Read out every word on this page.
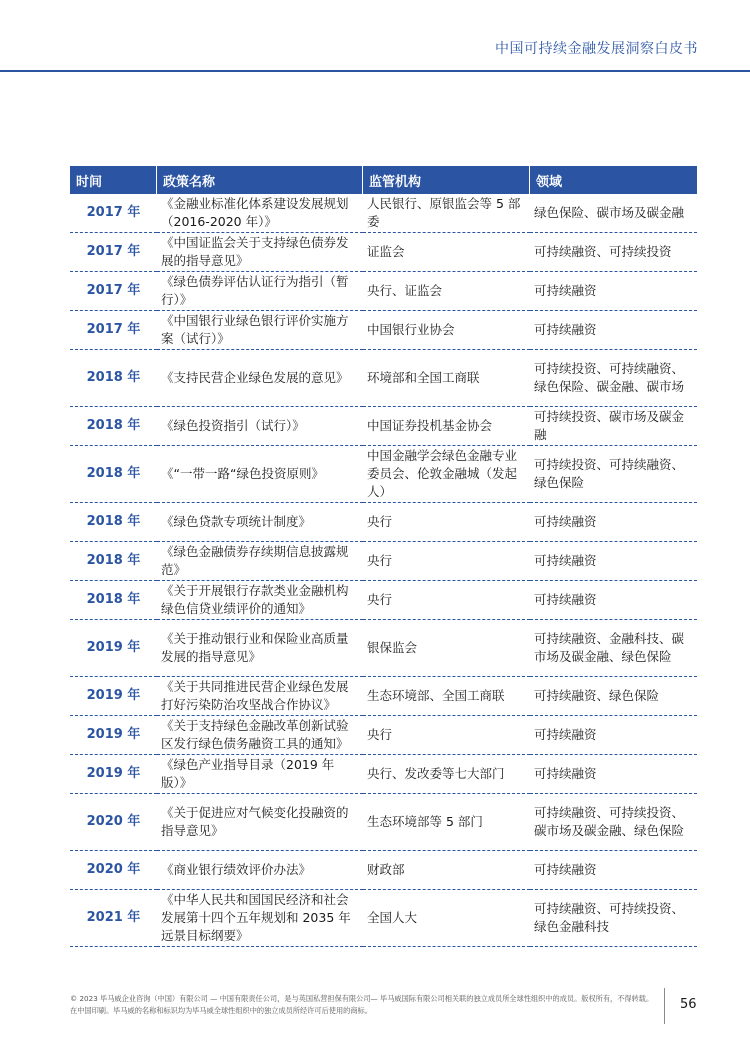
中国可持续金融发展洞察白皮书
时间	政策名称	监管机构	领域
2017 年	《金融业标准化体系建设发展规划（2016-2020 年）》	人民银行、原银监会等 5 部委	绿色保险、碳市场及碳金融
2017 年	《中国证监会关于支持绿色债券发展的指导意见》	证监会	可持续融资、可持续投资
2017 年	《绿色债券评估认证行为指引（暂行）》	央行、证监会	可持续融资
2017 年	《中国银行业绿色银行评价实施方案（试行）》	中国银行业协会	可持续融资
2018 年	《支持民营企业绿色发展的意见》	环境部和全国工商联	可持续投资、可持续融资、绿色保险、碳金融、碳市场
2018 年	《绿色投资指引（试行）》	中国证券投机基金协会	可持续投资、碳市场及碳金融
2018 年	《“一带一路“绿色投资原则》	中国金融学会绿色金融专业委员会、伦敦金融城（发起人）	可持续投资、可持续融资、绿色保险
2018 年	《绿色贷款专项统计制度》	央行	可持续融资
2018 年	《绿色金融债券存续期信息披露规范》	央行	可持续融资
2018 年	《关于开展银行存款类业金融机构绿色信贷业绩评价的通知》	央行	可持续融资
2019 年	《关于推动银行业和保险业高质量发展的指导意见》	银保监会	可持续融资、金融科技、碳市场及碳金融、绿色保险
2019 年	《关于共同推进民营企业绿色发展打好污染防治攻坚战合作协议》	生态环境部、全国工商联	可持续融资、绿色保险
2019 年	《关于支持绿色金融改革创新试验区发行绿色债务融资工具的通知》	央行	可持续融资
2019 年	《绿色产业指导目录（2019 年版）》	央行、发改委等七大部门	可持续融资
2020 年	《关于促进应对气候变化投融资的指导意见》	生态环境部等 5 部门	可持续融资、可持续投资、碳市场及碳金融、绿色保险
2020 年	《商业银行绩效评价办法》	财政部	可持续融资
2021 年	《中华人民共和国国民经济和社会发展第十四个五年规划和 2035 年远景目标纲要》	全国人大	可持续融资、可持续投资、绿色金融科技
© 2023 毕马威企业咨询（中国）有限公司 — 中国有限责任公司，是与英国私营担保有限公司— 毕马威国际有限公司相关联的独立成员所全球性组织中的成员。版权所有，不得转载。在中国印刷。毕马威的名称和标识均为毕马威全球性组织中的独立成员所经许可后使用的商标。	56
